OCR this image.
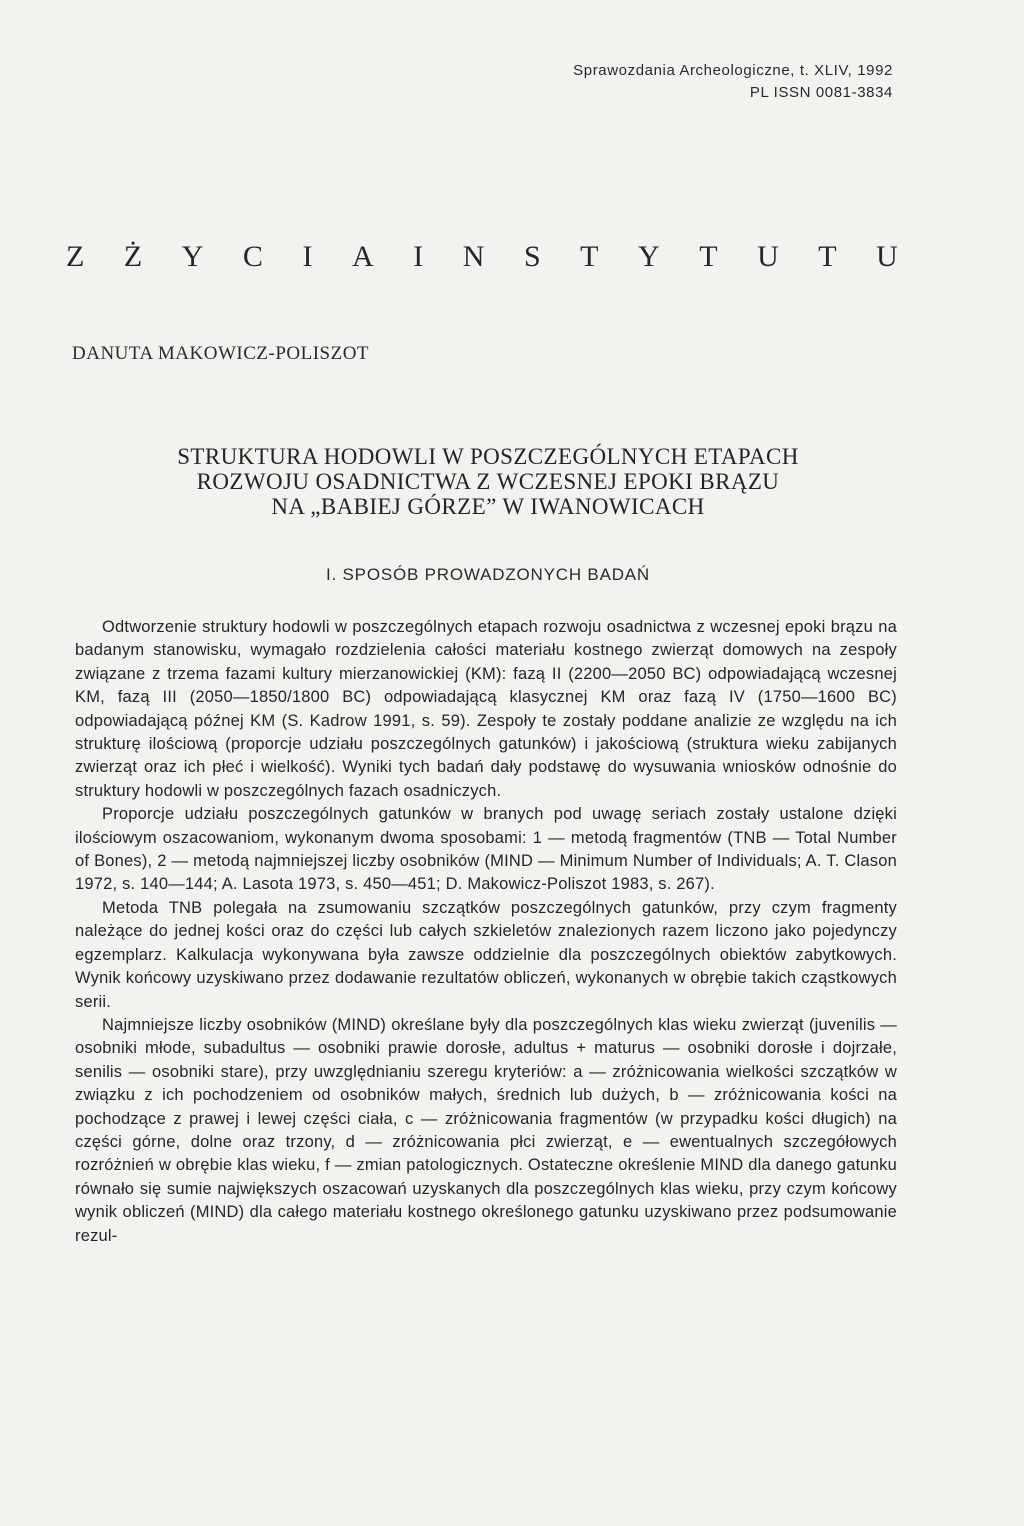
Sprawozdania Archeologiczne, t. XLIV, 1992
PL ISSN 0081-3834
Z Ż Y C I A I N S T Y T U T U
DANUTA MAKOWICZ-POLISZOT
STRUKTURA HODOWLI W POSZCZEGÓLNYCH ETAPACH
ROZWOJU OSADNICTWA Z WCZESNEJ EPOKI BRĄZU
NA „BABIEJ GÓRZE” W IWANOWICACH
I. SPOSÓB PROWADZONYCH BADAŃ

Odtworzenie struktury hodowli w poszczególnych etapach rozwoju osadnictwa z wczesnej epoki brązu na badanym stanowisku, wymagało rozdzielenia całości materiału kostnego zwierząt domowych na zespoły związane z trzema fazami kultury mierzanowickiej (KM): fazą II (2200—2050 BC) odpowiadającą wczesnej KM, fazą III (2050—1850/1800 BC) odpowiadającą klasycznej KM oraz fazą IV (1750—1600 BC) odpowiadającą późnej KM (S. Kadrow 1991, s. 59). Zespoły te zostały poddane analizie ze względu na ich strukturę ilościową (proporcje udziału poszczególnych gatunków) i jakościową (struktura wieku zabijanych zwierząt oraz ich płeć i wielkość). Wyniki tych badań dały podstawę do wysuwania wniosków odnośnie do struktury hodowli w poszczególnych fazach osadniczych.

Proporcje udziału poszczególnych gatunków w branych pod uwagę seriach zostały ustalone dzięki ilościowym oszacowaniom, wykonanym dwoma sposobami: 1 — metodą fragmentów (TNB — Total Number of Bones), 2 — metodą najmniejszej liczby osobników (MIND — Minimum Number of Individuals; A. T. Clason 1972, s. 140—144; A. Lasota 1973, s. 450—451; D. Makowicz-Poliszot 1983, s. 267).

Metoda TNB polegała na zsumowaniu szczątków poszczególnych gatunków, przy czym fragmenty należące do jednej kości oraz do części lub całych szkieletów znalezionych razem liczono jako pojedynczy egzemplarz. Kalkulacja wykonywana była zawsze oddzielnie dla poszczególnych obiektów zabytkowych. Wynik końcowy uzyskiwano przez dodawanie rezultatów obliczeń, wykonanych w obrębie takich cząstkowych serii.

Najmniejsze liczby osobników (MIND) określane były dla poszczególnych klas wieku zwierząt (juvenilis — osobniki młode, subadultus — osobniki prawie dorosłe, adultus + maturus — osobniki dorosłe i dojrzałe, senilis — osobniki stare), przy uwzględnianiu szeregu kryteriów: a — zróżnicowania wielkości szczątków w związku z ich pochodzeniem od osobników małych, średnich lub dużych, b — zróżnicowania kości na pochodzące z prawej i lewej części ciała, c — zróżnicowania fragmentów (w przypadku kości długich) na części górne, dolne oraz trzony, d — zróżnicowania płci zwierząt, e — ewentualnych szczegółowych rozróżnień w obrębie klas wieku, f — zmian patologicznych. Ostateczne określenie MIND dla danego gatunku równało się sumie największych oszacowań uzyskanych dla poszczególnych klas wieku, przy czym końcowy wynik obliczeń (MIND) dla całego materiału kostnego określonego gatunku uzyskiwano przez podsumowanie rezul-
